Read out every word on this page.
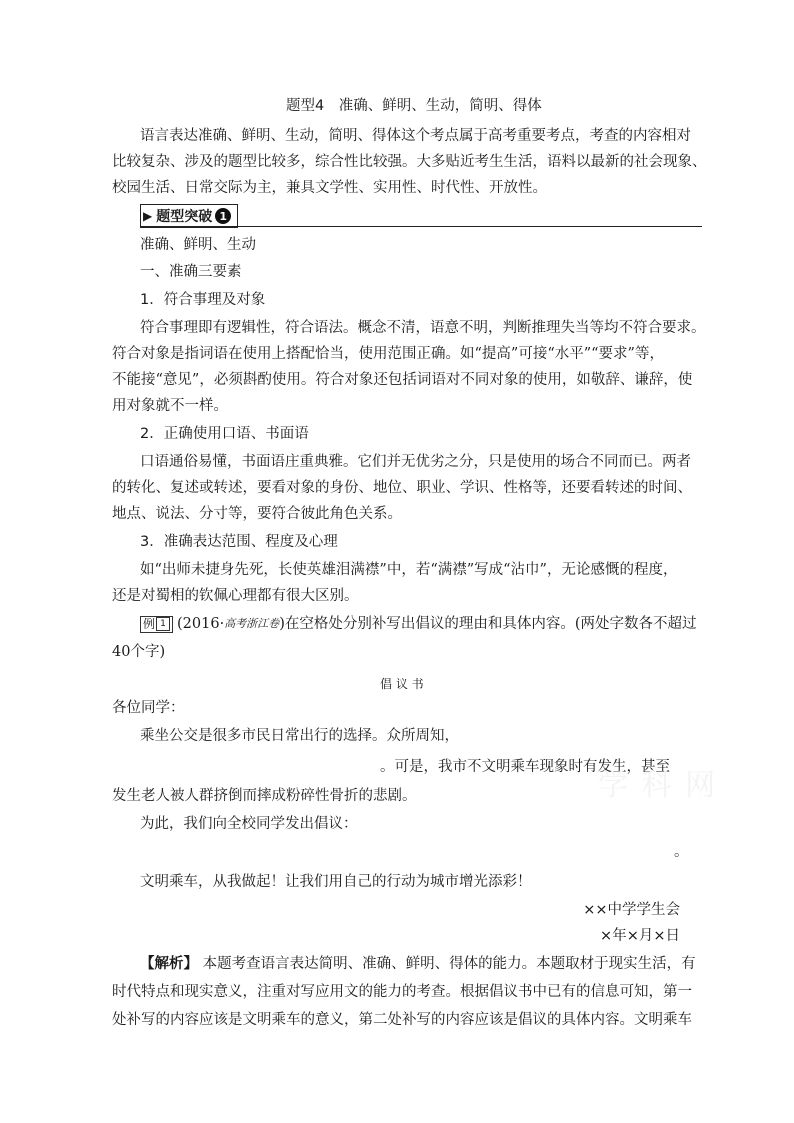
题型4　准确、鲜明、生动，简明、得体
语言表达准确、鲜明、生动，简明、得体这个考点属于高考重要考点，考查的内容相对
比较复杂、涉及的题型比较多，综合性比较强。大多贴近考生生活，语料以最新的社会现象、
校园生活、日常交际为主，兼具文学性、实用性、时代性、开放性。
▶ 题型突破 1
准确、鲜明、生动
一、准确三要素
1．符合事理及对象
符合事理即有逻辑性，符合语法。概念不清，语意不明，判断推理失当等均不符合要求。
符合对象是指词语在使用上搭配恰当，使用范围正确。如“提高”可接“水平”“要求”等，
不能接“意见”，必须斟酌使用。符合对象还包括词语对不同对象的使用，如敬辞、谦辞，使
用对象就不一样。
2．正确使用口语、书面语
口语通俗易懂，书面语庄重典雅。它们并无优劣之分，只是使用的场合不同而已。两者
的转化、复述或转述，要看对象的身份、地位、职业、学识、性格等，还要看转述的时间、
地点、说法、分寸等，要符合彼此角色关系。
3．准确表达范围、程度及心理
如“出师未捷身先死，长使英雄泪满襟”中，若“满襟”写成“沾巾”，无论感慨的程度，
还是对蜀相的钦佩心理都有很大区别。
例 1 (2016· 高考浙江卷 )在空格处分别补写出倡议的理由和具体内容。(两处字数各不超过
40个字)
倡 议 书
各位同学：
乘坐公交是很多市民日常出行的选择。众所周知，
。可是，我市不文明乘车现象时有发生，甚至
发生老人被人群挤倒而摔成粉碎性骨折的悲剧。
为此，我们向全校同学发出倡议：
。
文明乘车，从我做起！让我们用自己的行动为城市增光添彩！
××中学学生会
×年×月×日
【解析】 本题考查语言表达简明、准确、鲜明、得体的能力。本题取材于现实生活，有
时代特点和现实意义，注重对写应用文的能力的考查。根据倡议书中已有的信息可知，第一
处补写的内容应该是文明乘车的意义，第二处补写的内容应该是倡议的具体内容。文明乘车
学 科 网
